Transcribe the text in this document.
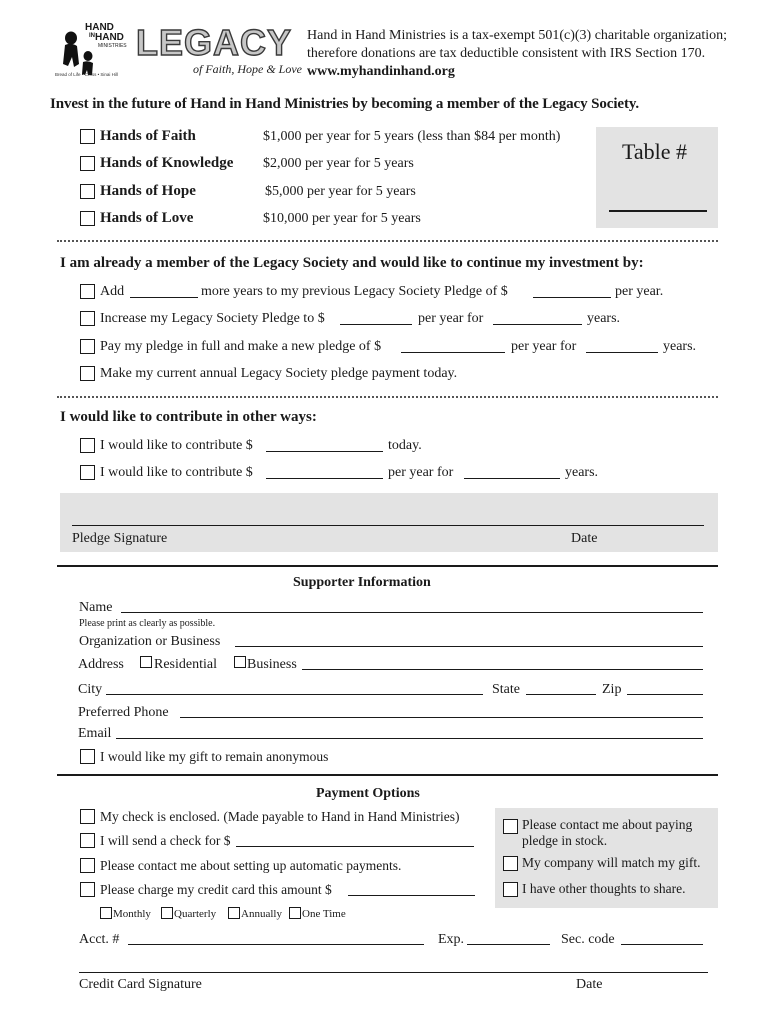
HAND
IN HAND
MINISTRIES
Bread of Life • Cross • Sinai Hill
LEGACY
of Faith, Hope & Love
Hand in Hand Ministries is a tax-exempt 501(c)(3) charitable organization;
therefore donations are tax deductible consistent with IRS Section 170.
www.myhandinhand.org
Invest in the future of Hand in Hand Ministries by becoming a member of the Legacy Society.
Hands of Faith	$1,000 per year for 5 years (less than $84 per month)
Hands of Knowledge $2,000 per year for 5 years
Hands of Hope	$5,000 per year for 5 years
Hands of Love	$10,000 per year for 5 years
Table #
I am already a member of the Legacy Society and would like to continue my investment by:
Add	more years to my previous Legacy Society Pledge of $	per year.
Increase my Legacy Society Pledge to $	per year for	years.
Pay my pledge in full and make a new pledge of $	per year for	years.
Make my current annual Legacy Society pledge payment today.
I would like to contribute in other ways:
I would like to contribute $	today.
I would like to contribute $	per year for	years.
Pledge Signature	Date
Supporter Information
Name
Please print as clearly as possible.
Organization or Business
Address Residential Business
City	State	Zip
Preferred Phone
Email
I would like my gift to remain anonymous
Payment Options
My check is enclosed. (Made payable to Hand in Hand Ministries)
I will send a check for $
Please contact me about setting up automatic payments.
Please charge my credit card this amount $
Monthly Quarterly Annually One Time
Please contact me about paying
pledge in stock.
My company will match my gift.
I have other thoughts to share.
Acct. #	Exp.	Sec. code
Credit Card Signature	Date
